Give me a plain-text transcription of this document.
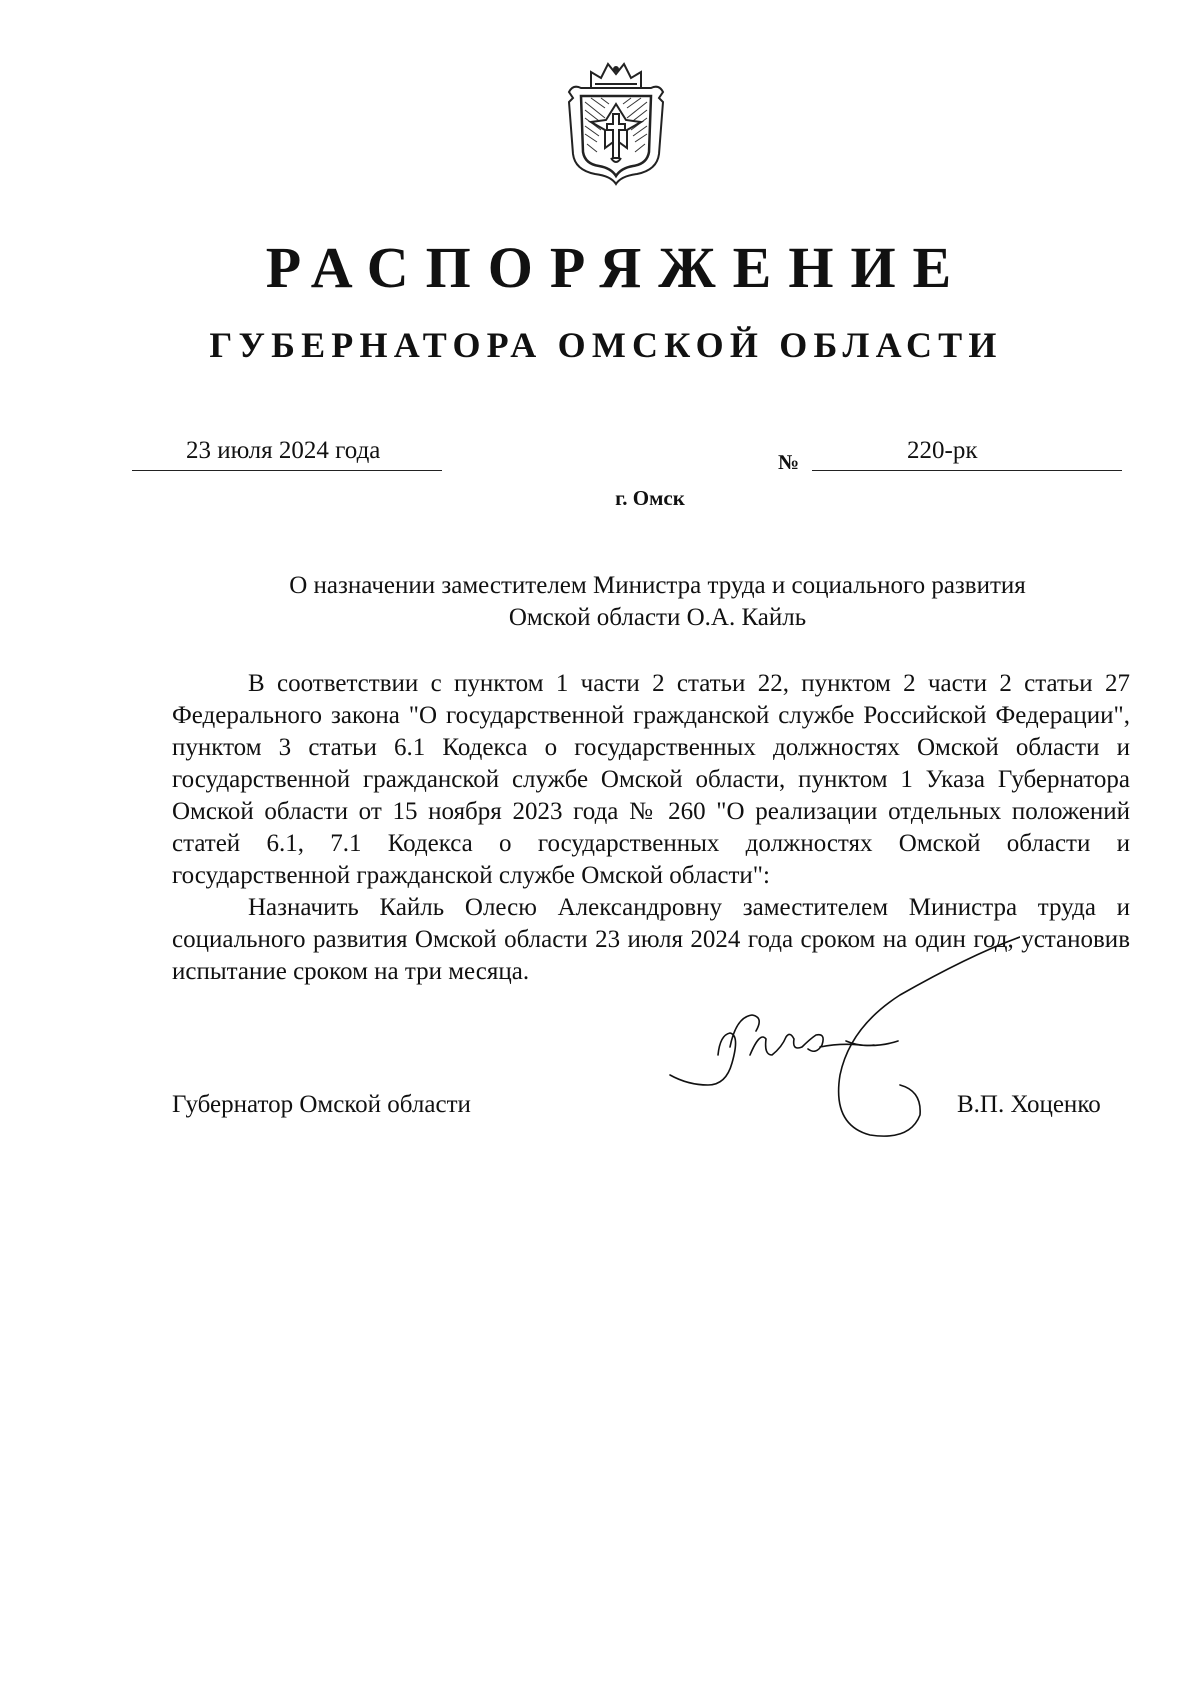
РАСПОРЯЖЕНИЕ
ГУБЕРНАТОРА ОМСКОЙ ОБЛАСТИ
23 июля 2024 года	№	220-рк
г. Омск
О назначении заместителем Министра труда и социального развития
Омской области О.А. Кайль

В соответствии с пунктом 1 части 2 статьи 22, пунктом 2 части 2 статьи 27 Федерального закона "О государственной гражданской службе Российской Федерации", пунктом 3 статьи 6.1 Кодекса о государственных должностях Омской области и государственной гражданской службе Омской области, пунктом 1 Указа Губернатора Омской области от 15 ноября 2023 года № 260 "О реализации отдельных положений статей 6.1, 7.1 Кодекса о государственных должностях Омской области и государственной гражданской службе Омской области":

Назначить Кайль Олесю Александровну заместителем Министра труда и социального развития Омской области 23 июля 2024 года сроком на один год, установив испытание сроком на три месяца.

Губернатор Омской области	В.П. Хоценко
